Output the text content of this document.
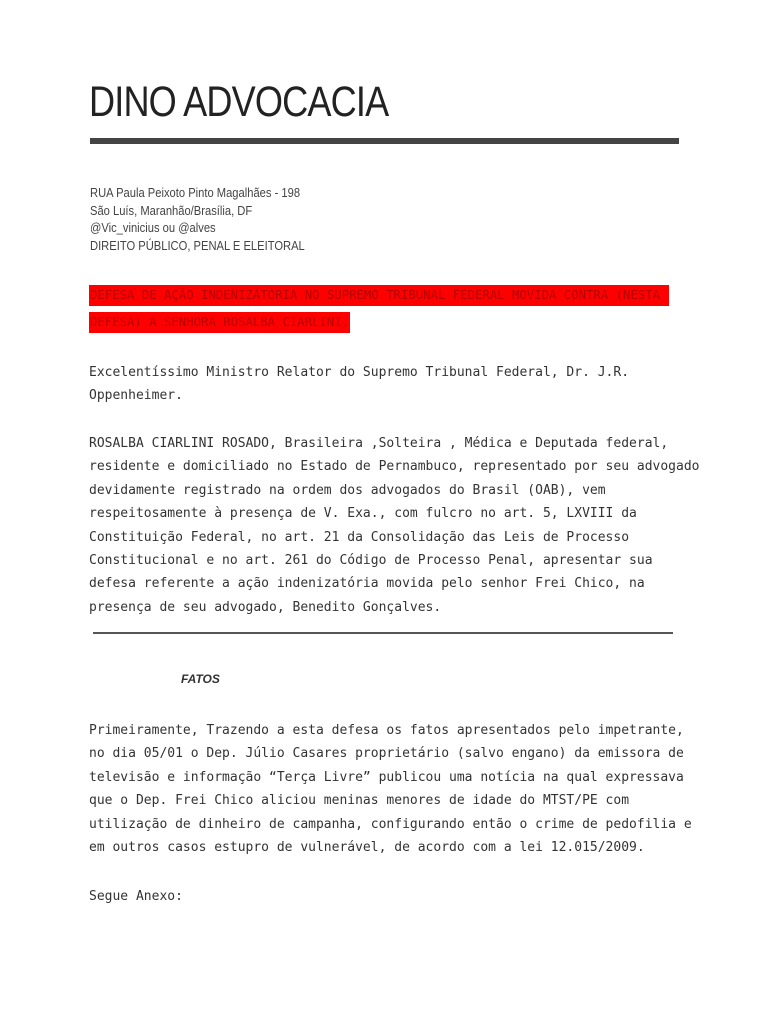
DINO ADVOCACIA
RUA Paula Peixoto Pinto Magalhães - 198
São Luís, Maranhão/Brasília, DF
@Vic_vinicius ou @alves
DIREITO PÚBLICO, PENAL E ELEITORAL
DEFESA DE AÇÃO INDENIZATÓRIA NO SUPREMO TRIBUNAL FEDERAL MOVIDA CONTRA (NESTA
DEFESA) A SENHORA ROSALBA CIARLINI.
Excelentíssimo Ministro Relator do Supremo Tribunal Federal, Dr. J.R.
Oppenheimer.
ROSALBA CIARLINI ROSADO, Brasileira ,Solteira , Médica e Deputada federal,
residente e domiciliado no Estado de Pernambuco, representado por seu advogado
devidamente registrado na ordem dos advogados do Brasil (OAB), vem
respeitosamente à presença de V. Exa., com fulcro no art. 5, LXVIII da
Constituição Federal, no art. 21 da Consolidação das Leis de Processo
Constitucional e no art. 261 do Código de Processo Penal, apresentar sua
defesa referente a ação indenizatória movida pelo senhor Frei Chico, na
presença de seu advogado, Benedito Gonçalves.
FATOS
Primeiramente, Trazendo a esta defesa os fatos apresentados pelo impetrante,
no dia 05/01 o Dep. Júlio Casares proprietário (salvo engano) da emissora de
televisão e informação “Terça Livre” publicou uma notícia na qual expressava
que o Dep. Frei Chico aliciou meninas menores de idade do MTST/PE com
utilização de dinheiro de campanha, configurando então o crime de pedofilia e
em outros casos estupro de vulnerável, de acordo com a lei 12.015/2009.
Segue Anexo:
